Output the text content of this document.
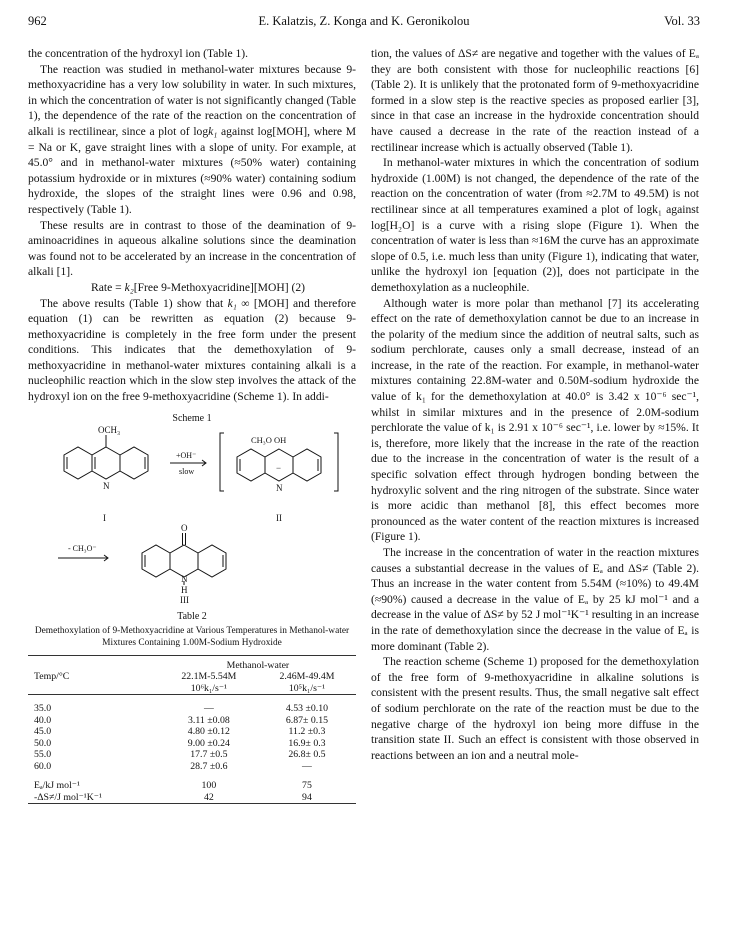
962	E. Kalatzis, Z. Konga and K. Geronikolou	Vol. 33

the concentration of the hydroxyl ion (Table 1).

The reaction was studied in methanol-water mixtures because 9-methoxyacridine has a very low solubility in water. In such mixtures, in which the concentration of water is not significantly changed (Table 1), the dependence of the rate of the reaction on the concentration of alkali is rectilinear, since a plot of logk₁ against log[MOH], where M = Na or K, gave straight lines with a slope of unity. For example, at 45.0° and in methanol-water mixtures (≈50% water) containing potassium hydroxide or in mixtures (≈90% water) containing sodium hydroxide, the slopes of the straight lines were 0.96 and 0.98, respectively (Table 1).

These results are in contrast to those of the deamination of 9-aminoacridines in aqueous alkaline solutions since the deamination was found not to be accelerated by an increase in the concentration of alkali [1].

Rate = k₂[Free 9-Methoxyacridine][MOH] (2)

The above results (Table 1) show that k₁ ∞ [MOH] and therefore equation (1) can be rewritten as equation (2) because 9-methoxyacridine is completely in the free form under the present conditions. This indicates that the demethoxylation of 9-methoxyacridine in methanol-water mixtures containing alkali is a nucleophilic reaction which in the slow step involves the attack of the hydroxyl ion on the free 9-methoxyacridine (Scheme 1). In addi-

Scheme 1
OCH₃
N
I
+OH⁻
slow
CH₃O OH
−
N
II
- CH₃O⁻
O
N
H
III
Table 2
Demethoxylation of 9-Methoxyacridine at Various Temperatures in Methanol-water Mixtures Containing 1.00M-Sodium Hydroxide
	Methanol-water	
Temp/°C	22.1M-5.54M	2.46M-49.4M
	10⁶k₁/s⁻¹	10⁵k₁/s⁻¹

35.0	—	4.53 ±0.10
40.0	3.11 ±0.08	6.87± 0.15
45.0	4.80 ±0.12	11.2 ±0.3
50.0	9.00 ±0.24	16.9± 0.3
55.0	17.7 ±0.5	26.8± 0.5
60.0	28.7 ±0.6	—

Eₐ/kJ mol⁻¹	100	75
-ΔS≠/J mol⁻¹K⁻¹	42	94

tion, the values of ΔS≠ are negative and together with the values of Eₐ they are both consistent with those for nucleophilic reactions [6] (Table 2). It is unlikely that the protonated form of 9-methoxyacridine formed in a slow step is the reactive species as proposed earlier [3], since in that case an increase in the hydroxide concentration should have caused a decrease in the rate of the reaction instead of a rectilinear increase which is actually observed (Table 1).

In methanol-water mixtures in which the concentration of sodium hydroxide (1.00M) is not changed, the dependence of the rate of the reaction on the concentration of water (from ≈2.7M to 49.5M) is not rectilinear since at all temperatures examined a plot of logk₁ against log[H₂O] is a curve with a rising slope (Figure 1). When the concentration of water is less than ≈16M the curve has an approximate slope of 0.5, i.e. much less than unity (Figure 1), indicating that water, unlike the hydroxyl ion [equation (2)], does not participate in the demethoxylation as a nucleophile.

Although water is more polar than methanol [7] its accelerating effect on the rate of demethoxylation cannot be due to an increase in the polarity of the medium since the addition of neutral salts, such as sodium perchlorate, causes only a small decrease, instead of an increase, in the rate of the reaction. For example, in methanol-water mixtures containing 22.8M-water and 0.50M-sodium hydroxide the value of k₁ for the demethoxylation at 40.0° is 3.42 x 10⁻⁶ sec⁻¹, whilst in similar mixtures and in the presence of 2.0M-sodium perchlorate the value of k₁ is 2.91 x 10⁻⁶ sec⁻¹, i.e. lower by ≈15%. It is, therefore, more likely that the increase in the rate of the reaction due to the increase in the concentration of water is the result of a specific solvation effect through hydrogen bonding between the hydroxylic solvent and the ring nitrogen of the substrate. Since water is more acidic than methanol [8], this effect becomes more pronounced as the water content of the reaction mixtures is increased (Figure 1).

The increase in the concentration of water in the reaction mixtures causes a substantial decrease in the values of Eₐ and ΔS≠ (Table 2). Thus an increase in the water content from 5.54M (≈10%) to 49.4M (≈90%) caused a decrease in the value of Eₐ by 25 kJ mol⁻¹ and a decrease in the value of ΔS≠ by 52 J mol⁻¹K⁻¹ resulting in an increase in the rate of demethoxylation since the decrease in the value of Eₐ is more dominant (Table 2).

The reaction scheme (Scheme 1) proposed for the demethoxylation of the free form of 9-methoxyacridine in alkaline solutions is consistent with the present results. Thus, the small negative salt effect of sodium perchlorate on the rate of the reaction must be due to the negative charge of the hydroxyl ion being more diffuse in the transition state II. Such an effect is consistent with those observed in reactions between an ion and a neutral mole-
